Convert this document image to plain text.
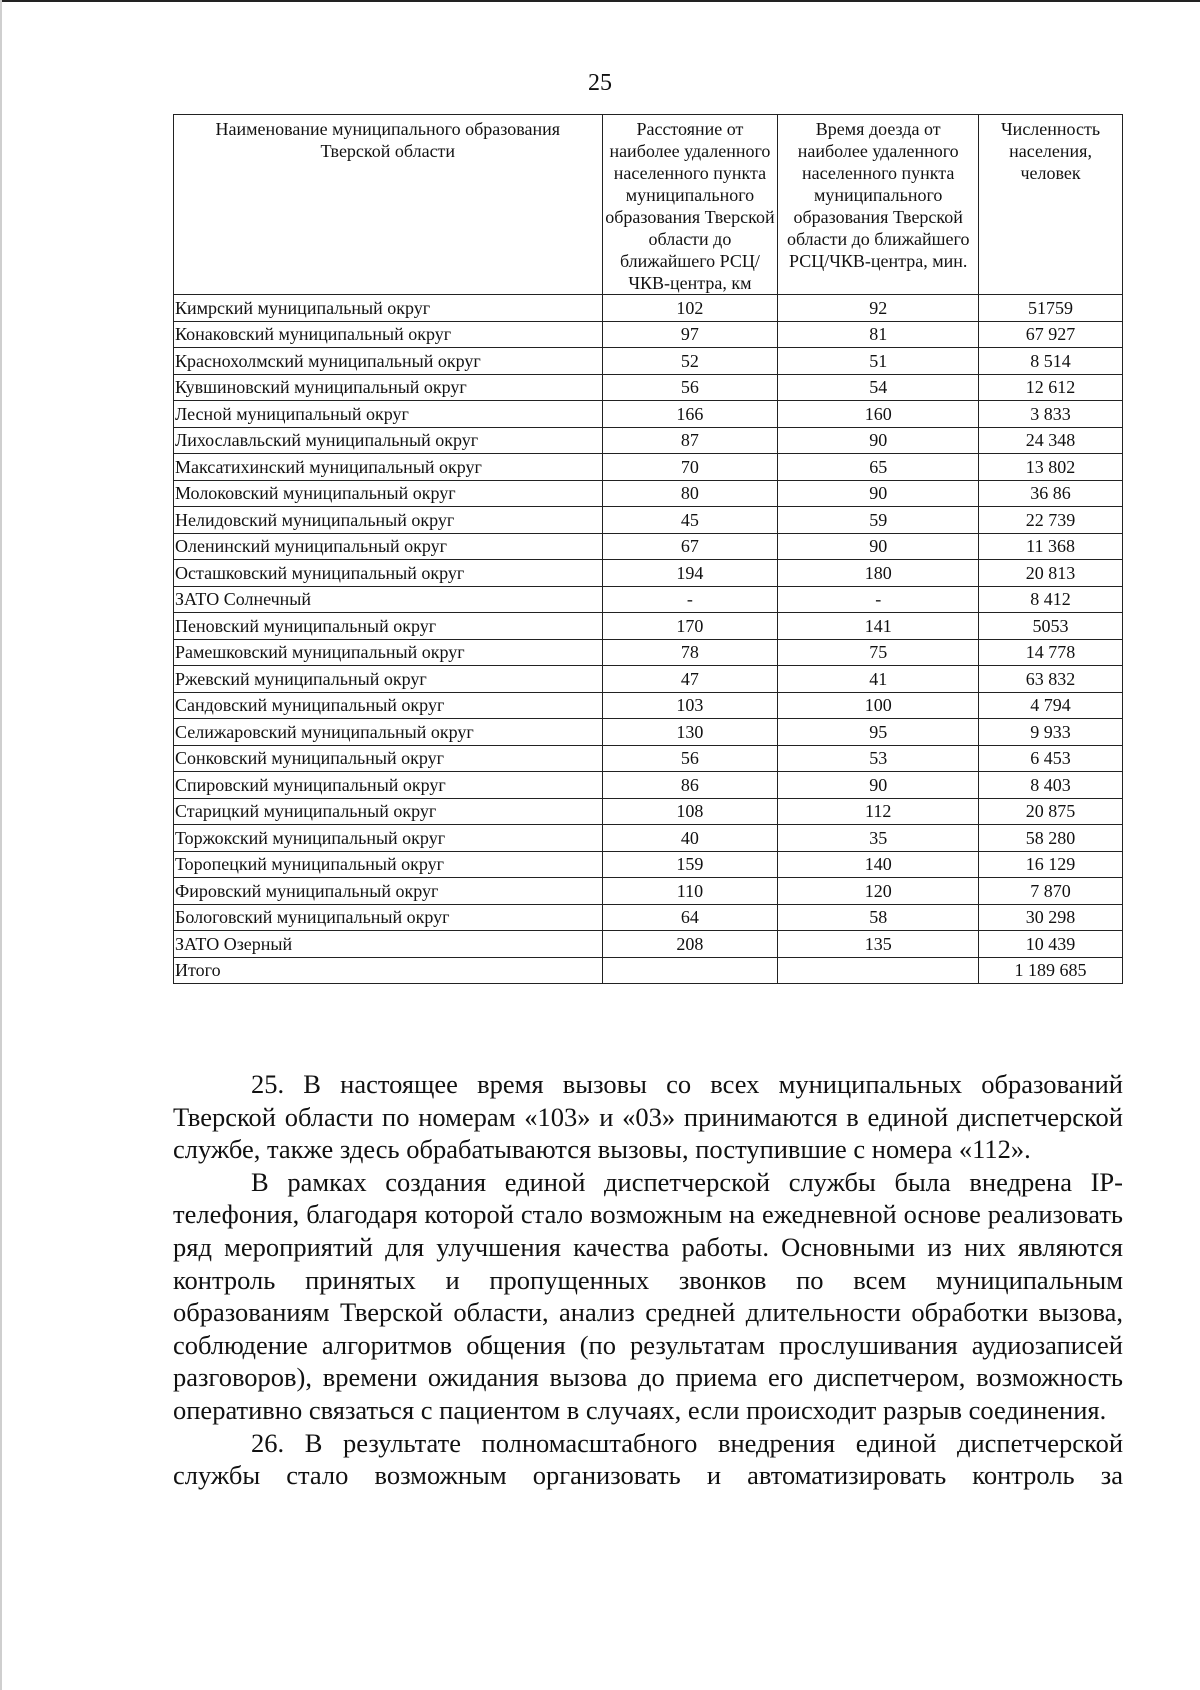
25
Наименование муниципального образования Тверской области	Расстояние от наиболее удаленного населенного пункта муниципального образования Тверской области до ближайшего РСЦ/ЧКВ-центра, км	Время доезда от наиболее удаленного населенного пункта муниципального образования Тверской области до ближайшего РСЦ/ЧКВ-центра, мин.	Численность населения, человек
Кимрский муниципальный округ	102	92	51759
Конаковский муниципальный округ	97	81	67 927
Краснохолмский муниципальный округ	52	51	8 514
Кувшиновский муниципальный округ	56	54	12 612
Лесной муниципальный округ	166	160	3 833
Лихославльский муниципальный округ	87	90	24 348
Максатихинский муниципальный округ	70	65	13 802
Молоковский муниципальный округ	80	90	36 86
Нелидовский муниципальный округ	45	59	22 739
Оленинский муниципальный округ	67	90	11 368
Осташковский муниципальный округ	194	180	20 813
ЗАТО Солнечный	-	-	8 412
Пеновский муниципальный округ	170	141	5053
Рамешковский муниципальный округ	78	75	14 778
Ржевский муниципальный округ	47	41	63 832
Сандовский муниципальный округ	103	100	4 794
Селижаровский муниципальный округ	130	95	9 933
Сонковский муниципальный округ	56	53	6 453
Спировский муниципальный округ	86	90	8 403
Старицкий муниципальный округ	108	112	20 875
Торжокский муниципальный округ	40	35	58 280
Торопецкий муниципальный округ	159	140	16 129
Фировский муниципальный округ	110	120	7 870
Бологовский муниципальный округ	64	58	30 298
ЗАТО Озерный	208	135	10 439
Итого			1 189 685

25. В настоящее время вызовы со всех муниципальных образований Тверской области по номерам «103» и «03» принимаются в единой диспетчерской службе, также здесь обрабатываются вызовы, поступившие с номера «112».

В рамках создания единой диспетчерской службы была внедрена IP-телефония, благодаря которой стало возможным на ежедневной основе реализовать ряд мероприятий для улучшения качества работы. Основными из них являются контроль принятых и пропущенных звонков по всем муниципальным образованиям Тверской области, анализ средней длительности обработки вызова, соблюдение алгоритмов общения (по результатам прослушивания аудиозаписей разговоров), времени ожидания вызова до приема его диспетчером, возможность оперативно связаться с пациентом в случаях, если происходит разрыв соединения.

26. В результате полномасштабного внедрения единой диспетчерской службы стало возможным организовать и автоматизировать контроль за
